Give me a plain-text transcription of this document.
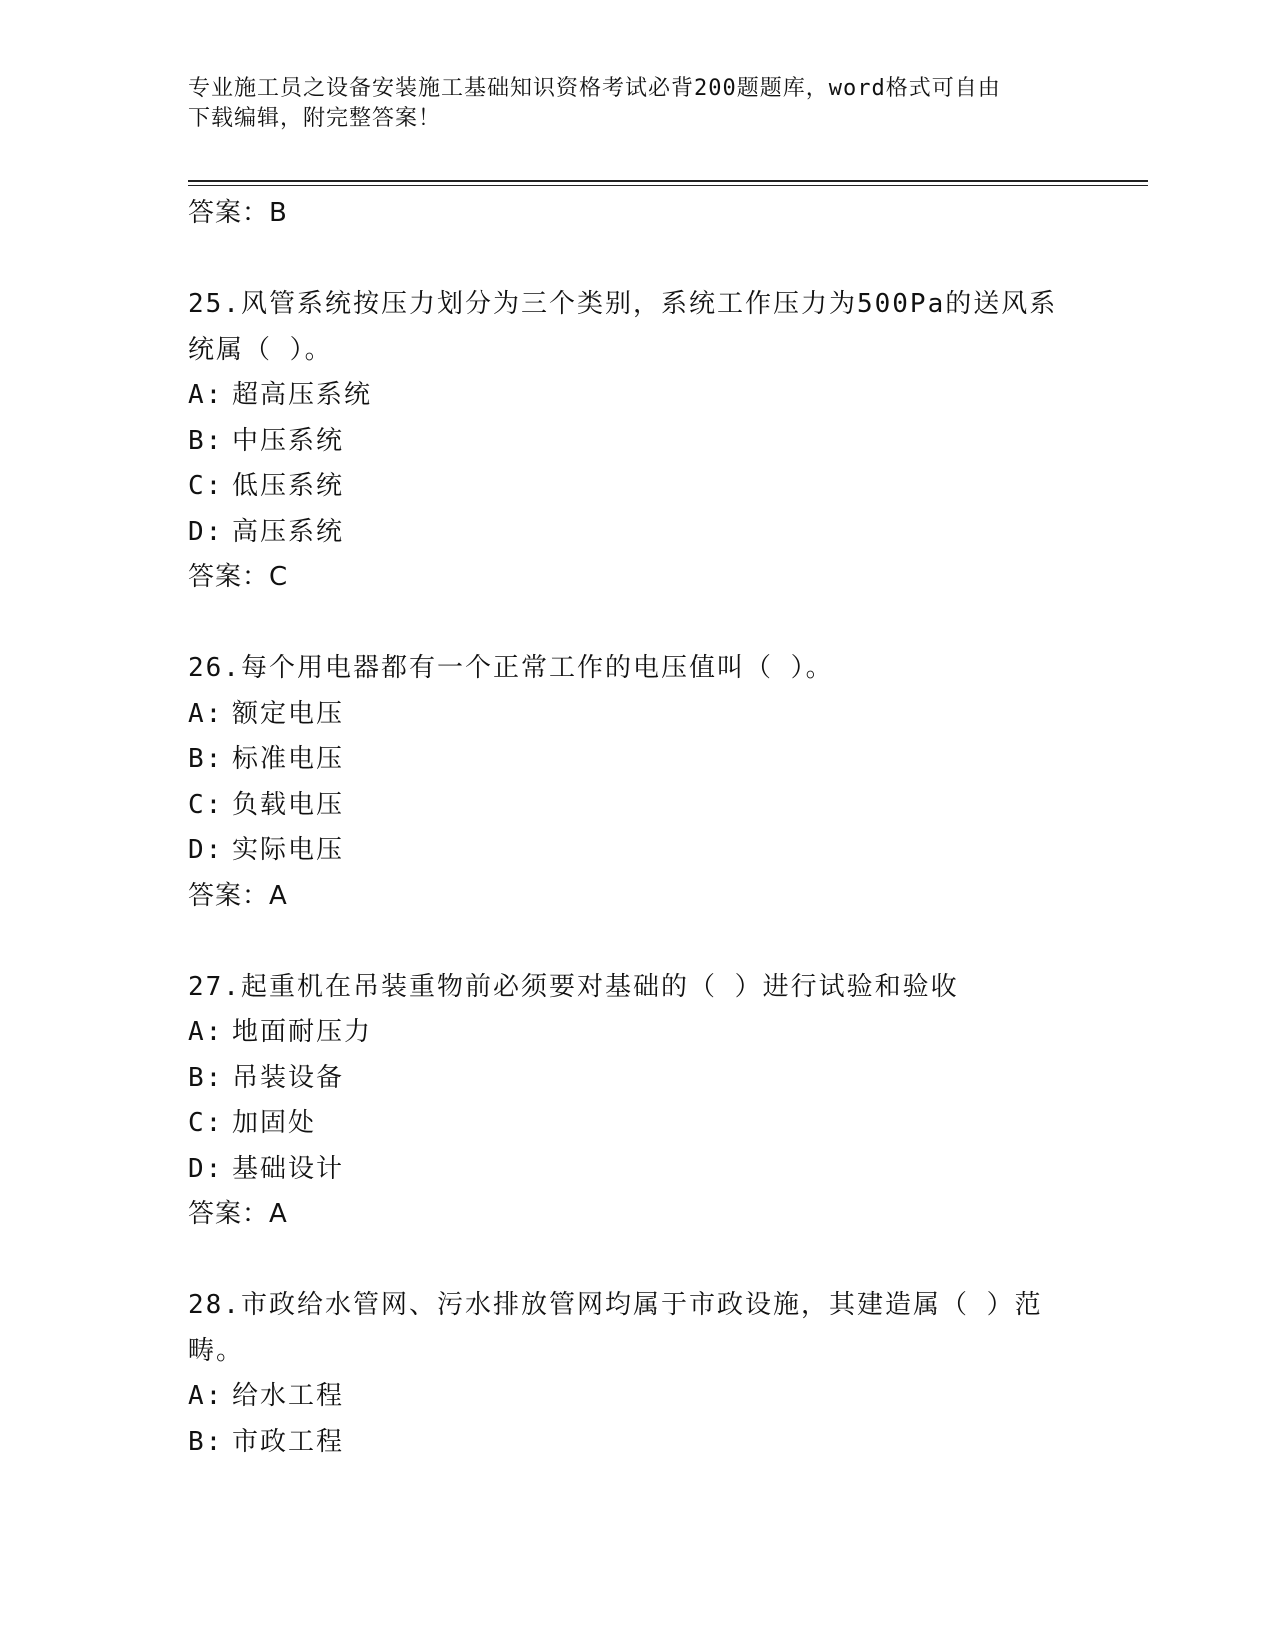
专业施工员之设备安装施工基础知识资格考试必背200题题库，word格式可自由
下载编辑，附完整答案！
答案：B
25.风管系统按压力划分为三个类别，系统工作压力为500Pa的送风系
统属（ ）。
A: 超高压系统
B: 中压系统
C: 低压系统
D: 高压系统
答案：C
26.每个用电器都有一个正常工作的电压值叫（ ）。
A: 额定电压
B: 标准电压
C: 负载电压
D: 实际电压
答案：A
27.起重机在吊装重物前必须要对基础的（ ）进行试验和验收
A: 地面耐压力
B: 吊装设备
C: 加固处
D: 基础设计
答案：A
28.市政给水管网、污水排放管网均属于市政设施，其建造属（ ）范
畴。
A: 给水工程
B: 市政工程
